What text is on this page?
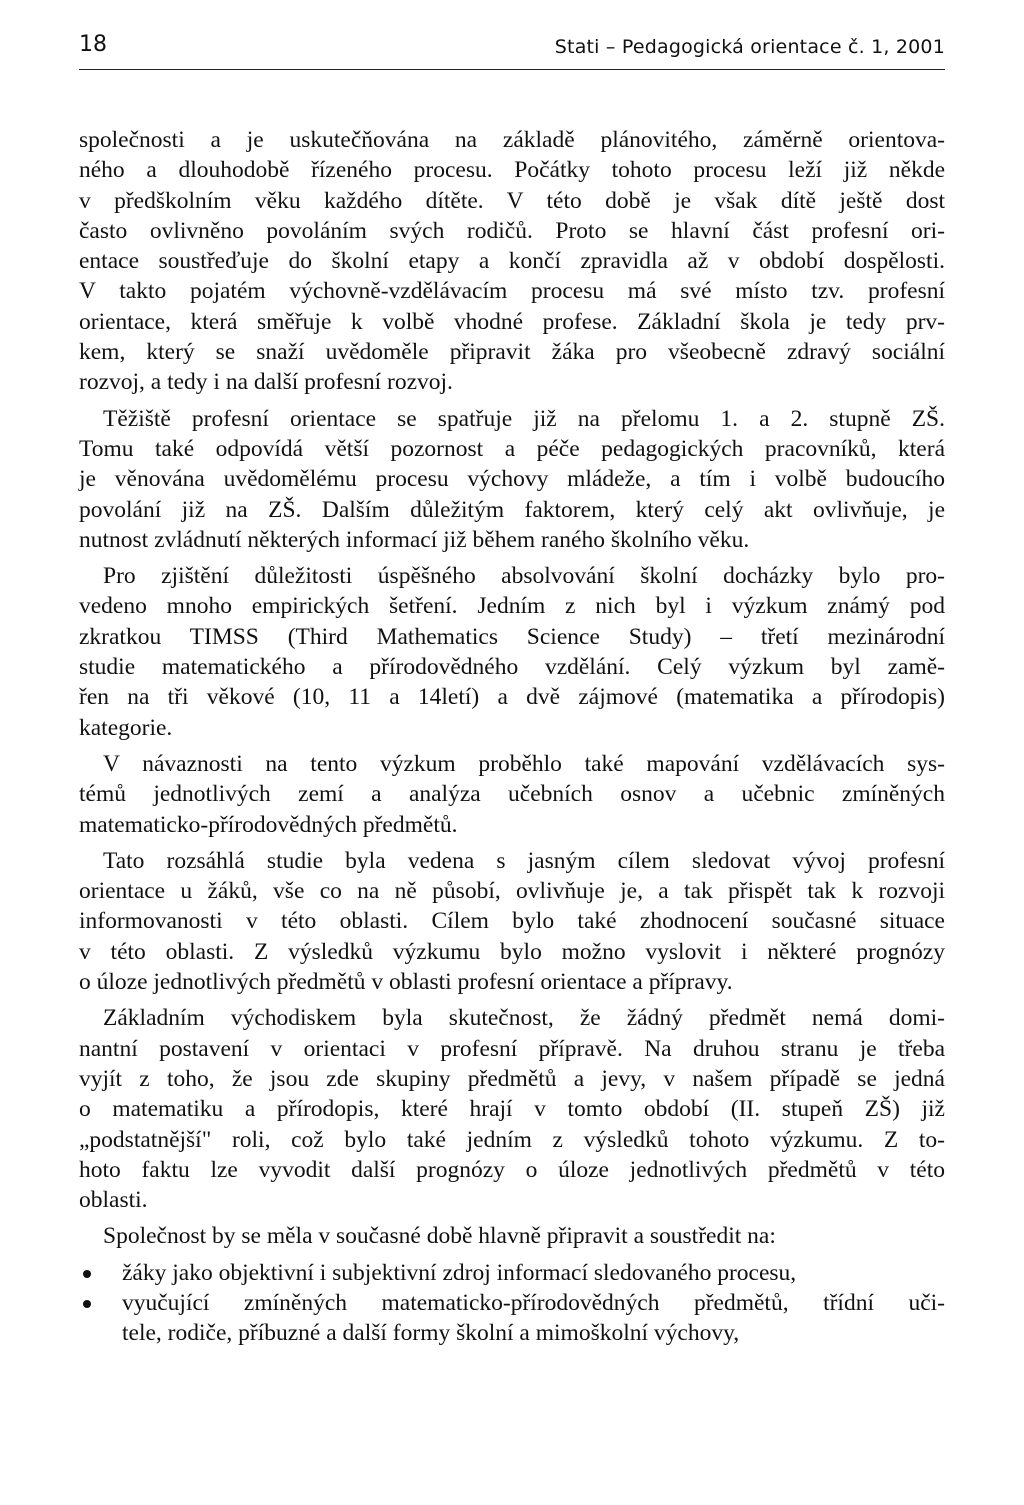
18	Stati – Pedagogická orientace č. 1, 2001

společnosti a je uskutečňována na základě plánovitého, záměrně orientova-
ného a dlouhodobě řízeného procesu. Počátky tohoto procesu leží již někde
v předškolním věku každého dítěte. V této době je však dítě ještě dost
často ovlivněno povoláním svých rodičů. Proto se hlavní část profesní ori-
entace soustřeďuje do školní etapy a končí zpravidla až v období dospělosti.
V takto pojatém výchovně-vzdělávacím procesu má své místo tzv. profesní
orientace, která směřuje k volbě vhodné profese. Základní škola je tedy prv-
kem, který se snaží uvědoměle připravit žáka pro všeobecně zdravý sociální
rozvoj, a tedy i na další profesní rozvoj.

Těžiště profesní orientace se spatřuje již na přelomu 1. a 2. stupně ZŠ.
Tomu také odpovídá větší pozornost a péče pedagogických pracovníků, která
je věnována uvědomělému procesu výchovy mládeže, a tím i volbě budoucího
povolání již na ZŠ. Dalším důležitým faktorem, který celý akt ovlivňuje, je
nutnost zvládnutí některých informací již během raného školního věku.

Pro zjištění důležitosti úspěšného absolvování školní docházky bylo pro-
vedeno mnoho empirických šetření. Jedním z nich byl i výzkum známý pod
zkratkou TIMSS (Third Mathematics Science Study) – třetí mezinárodní
studie matematického a přírodovědného vzdělání. Celý výzkum byl zamě-
řen na tři věkové (10, 11 a 14letí) a dvě zájmové (matematika a přírodopis)
kategorie.

V návaznosti na tento výzkum proběhlo také mapování vzdělávacích sys-
témů jednotlivých zemí a analýza učebních osnov a učebnic zmíněných
matematicko-přírodovědných předmětů.

Tato rozsáhlá studie byla vedena s jasným cílem sledovat vývoj profesní
orientace u žáků, vše co na ně působí, ovlivňuje je, a tak přispět tak k rozvoji
informovanosti v této oblasti. Cílem bylo také zhodnocení současné situace
v této oblasti. Z výsledků výzkumu bylo možno vyslovit i některé prognózy
o úloze jednotlivých předmětů v oblasti profesní orientace a přípravy.

Základním východiskem byla skutečnost, že žádný předmět nemá domi-
nantní postavení v orientaci v profesní přípravě. Na druhou stranu je třeba
vyjít z toho, že jsou zde skupiny předmětů a jevy, v našem případě se jedná
o matematiku a přírodopis, které hrají v tomto období (II. stupeň ZŠ) již
„podstatnější" roli, což bylo také jedním z výsledků tohoto výzkumu. Z to-
hoto faktu lze vyvodit další prognózy o úloze jednotlivých předmětů v této
oblasti.

Společnost by se měla v současné době hlavně připravit a soustředit na:

žáky jako objektivní i subjektivní zdroj informací sledovaného procesu,
vyučující zmíněných matematicko-přírodovědných předmětů, třídní uči-
tele, rodiče, příbuzné a další formy školní a mimoškolní výchovy,
